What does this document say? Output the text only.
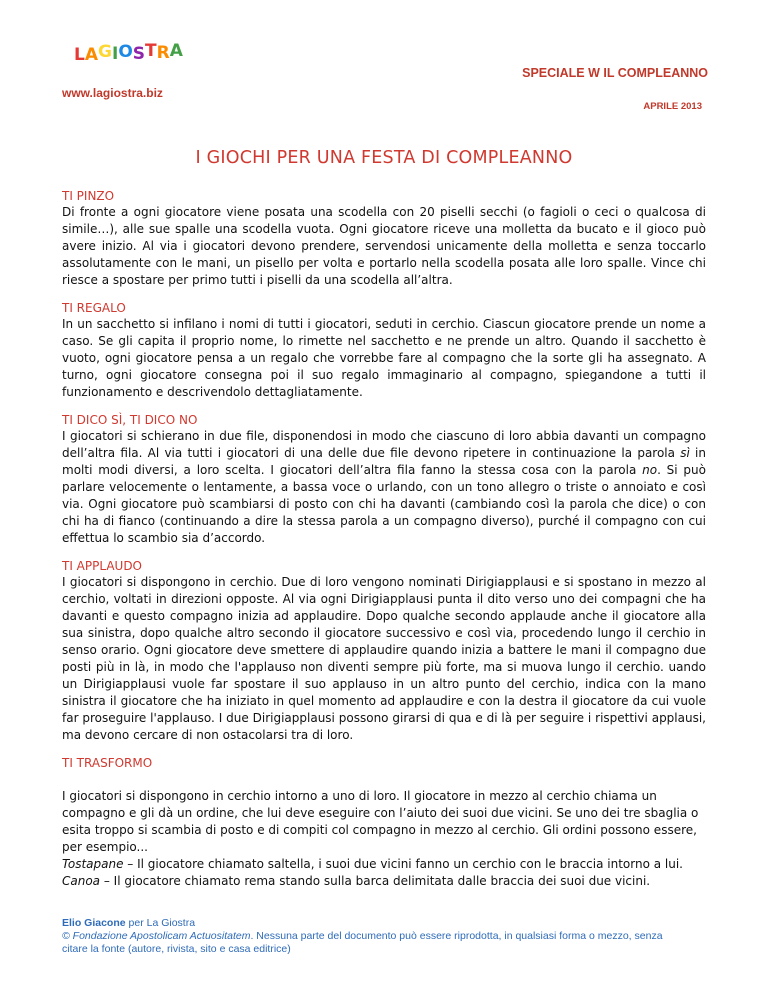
LAGIOSTRA
SPECIALE W IL COMPLEANNO
www.lagiostra.biz
APRILE 2013
I GIOCHI PER UNA FESTA DI COMPLEANNO
TI PINZO

Di fronte a ogni giocatore viene posata una scodella con 20 piselli secchi (o fagioli o ceci o qualcosa di simile…), alle sue spalle una scodella vuota. Ogni giocatore riceve una molletta da bucato e il gioco può avere inizio. Al via i giocatori devono prendere, servendosi unicamente della molletta e senza toccarlo assolutamente con le mani, un pisello per volta e portarlo nella scodella posata alle loro spalle. Vince chi riesce a spostare per primo tutti i piselli da una scodella all’altra.

TI REGALO

In un sacchetto si infilano i nomi di tutti i giocatori, seduti in cerchio. Ciascun giocatore prende un nome a caso. Se gli capita il proprio nome, lo rimette nel sacchetto e ne prende un altro. Quando il sacchetto è vuoto, ogni giocatore pensa a un regalo che vorrebbe fare al compagno che la sorte gli ha assegnato. A turno, ogni giocatore consegna poi il suo regalo immaginario al compagno, spiegandone a tutti il funzionamento e descrivendolo dettagliatamente.

TI DICO SÌ, TI DICO NO

I giocatori si schierano in due file, disponendosi in modo che ciascuno di loro abbia davanti un compagno dell’altra fila. Al via tutti i giocatori di una delle due file devono ripetere in continuazione la parola sì in molti modi diversi, a loro scelta. I giocatori dell’altra fila fanno la stessa cosa con la parola no. Si può parlare velocemente o lentamente, a bassa voce o urlando, con un tono allegro o triste o annoiato e così via. Ogni giocatore può scambiarsi di posto con chi ha davanti (cambiando così la parola che dice) o con chi ha di fianco (continuando a dire la stessa parola a un compagno diverso), purché il compagno con cui effettua lo scambio sia d’accordo.

TI APPLAUDO

I giocatori si dispongono in cerchio. Due di loro vengono nominati Dirigiapplausi e si spostano in mezzo al cerchio, voltati in direzioni opposte. Al via ogni Dirigiapplausi punta il dito verso uno dei compagni che ha davanti e questo compagno inizia ad applaudire. Dopo qualche secondo applaude anche il giocatore alla sua sinistra, dopo qualche altro secondo il giocatore successivo e così via, procedendo lungo il cerchio in senso orario. Ogni giocatore deve smettere di applaudire quando inizia a battere le mani il compagno due posti più in là, in modo che l'applauso non diventi sempre più forte, ma si muova lungo il cerchio. uando un Dirigiapplausi vuole far spostare il suo applauso in un altro punto del cerchio, indica con la mano sinistra il giocatore che ha iniziato in quel momento ad applaudire e con la destra il giocatore da cui vuole far proseguire l'applauso. I due Dirigiapplausi possono girarsi di qua e di là per seguire i rispettivi applausi, ma devono cercare di non ostacolarsi tra di loro.

TI TRASFORMO

I giocatori si dispongono in cerchio intorno a uno di loro. Il giocatore in mezzo al cerchio chiama un compagno e gli dà un ordine, che lui deve eseguire con l’aiuto dei suoi due vicini. Se uno dei tre sbaglia o esita troppo si scambia di posto e di compiti col compagno in mezzo al cerchio. Gli ordini possono essere, per esempio...

Tostapane – Il giocatore chiamato saltella, i suoi due vicini fanno un cerchio con le braccia intorno a lui.

Canoa – Il giocatore chiamato rema stando sulla barca delimitata dalle braccia dei suoi due vicini.

Elio Giacone per La Giostra
© Fondazione Apostolicam Actuositatem. Nessuna parte del documento può essere riprodotta, in qualsiasi forma o mezzo, senza citare la fonte (autore, rivista, sito e casa editrice)
